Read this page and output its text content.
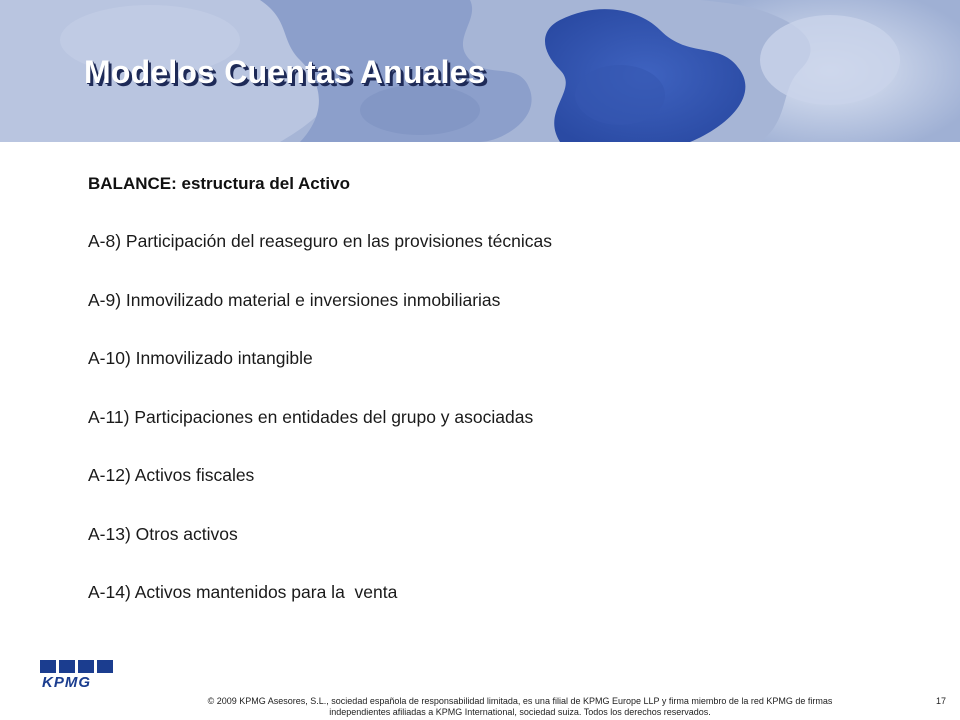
Modelos Cuentas Anuales
BALANCE: estructura del Activo
A-8) Participación del reaseguro en las provisiones técnicas
A-9) Inmovilizado material e inversiones inmobiliarias
A-10) Inmovilizado intangible
A-11) Participaciones en entidades del grupo y asociadas
A-12) Activos fiscales
A-13) Otros activos
A-14) Activos mantenidos para la  venta
KPMG
© 2009 KPMG Asesores, S.L., sociedad española de responsabilidad limitada, es una filial de KPMG Europe LLP y firma miembro de la red KPMG de firmas
independientes afiliadas a KPMG International, sociedad suiza. Todos los derechos reservados.
17
